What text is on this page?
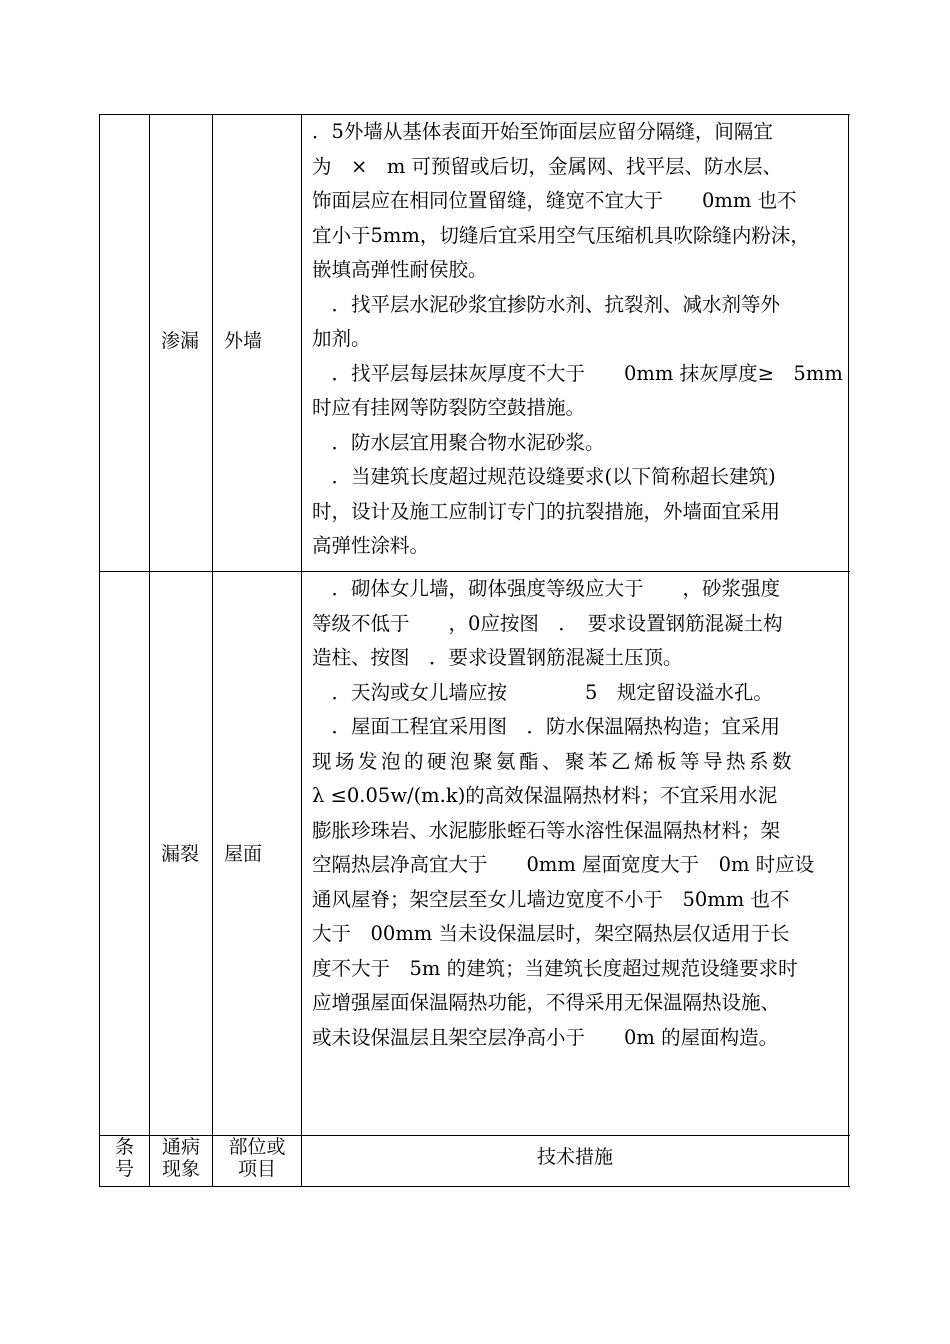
渗漏 外墙
．5外墙从基体表面开始至饰面层应留分隔缝，间隔宜
为　×　m 可预留或后切，金属网、找平层、防水层、
饰面层应在相同位置留缝，缝宽不宜大于　　0mm 也不
宜小于5mm，切缝后宜采用空气压缩机具吹除缝内粉沫，
嵌填高弹性耐侯胶。
　．找平层水泥砂浆宜掺防水剂、抗裂剂、减水剂等外
加剂。
　．找平层每层抹灰厚度不大于　　0mm 抹灰厚度≥　5mm
时应有挂网等防裂防空鼓措施。
　．防水层宜用聚合物水泥砂浆。
　．当建筑长度超过规范设缝要求(以下简称超长建筑)
时，设计及施工应制订专门的抗裂措施，外墙面宜采用
高弹性涂料。
漏裂 屋面
　．砌体女儿墙，砌体强度等级应大于　　，砂浆强度
等级不低于　　，0应按图　．　要求设置钢筋混凝土构
造柱、按图　．要求设置钢筋混凝土压顶。
　．天沟或女儿墙应按　　　　5　规定留设溢水孔。
　．屋面工程宜采用图　．防水保温隔热构造；宜采用
现场发泡的硬泡聚氨酯、聚苯乙烯板等导热系数
λ ≤0.05w/(m.k)的高效保温隔热材料；不宜采用水泥
膨胀珍珠岩、水泥膨胀蛭石等水溶性保温隔热材料；架
空隔热层净高宜大于　　0mm 屋面宽度大于　0m 时应设
通风屋脊；架空层至女儿墙边宽度不小于　50mm 也不
大于　00mm 当未设保温层时，架空隔热层仅适用于长
度不大于　5m 的建筑；当建筑长度超过规范设缝要求时
应增强屋面保温隔热功能，不得采用无保温隔热设施、
或未设保温层且架空层净高小于　　0m 的屋面构造。
条
号
通病
现象
部位或
项目
技术措施
